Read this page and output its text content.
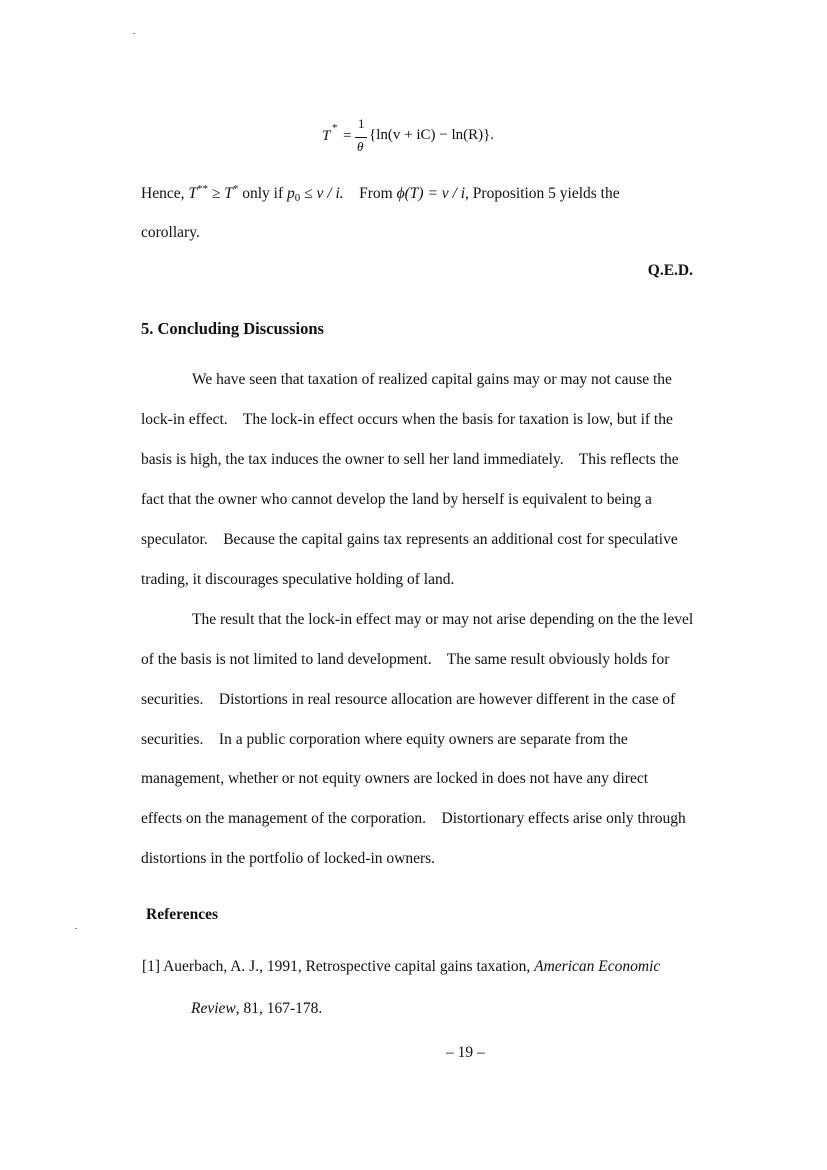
T * =
1
θ
{ln(v + iC) − ln(R)}.
Hence, T** ≥ T* only if $p_0 \le v / i$.    From ϕ(T) = v / i, Proposition 5 yields the
corollary.
Q.E.D.
5. Concluding Discussions
We have seen that taxation of realized capital gains may or may not cause the
lock-in effect.    The lock-in effect occurs when the basis for taxation is low, but if the
basis is high, the tax induces the owner to sell her land immediately.    This reflects the
fact that the owner who cannot develop the land by herself is equivalent to being a
speculator.    Because the capital gains tax represents an additional cost for speculative
trading, it discourages speculative holding of land.
The result that the lock-in effect may or may not arise depending on the the level
of the basis is not limited to land development.    The same result obviously holds for
securities.    Distortions in real resource allocation are however different in the case of
securities.    In a public corporation where equity owners are separate from the
management, whether or not equity owners are locked in does not have any direct
effects on the management of the corporation.    Distortionary effects arise only through
distortions in the portfolio of locked-in owners.
References
[1] Auerbach, A. J., 1991, Retrospective capital gains taxation, American Economic
Review, 81, 167-178.
– 19 –
